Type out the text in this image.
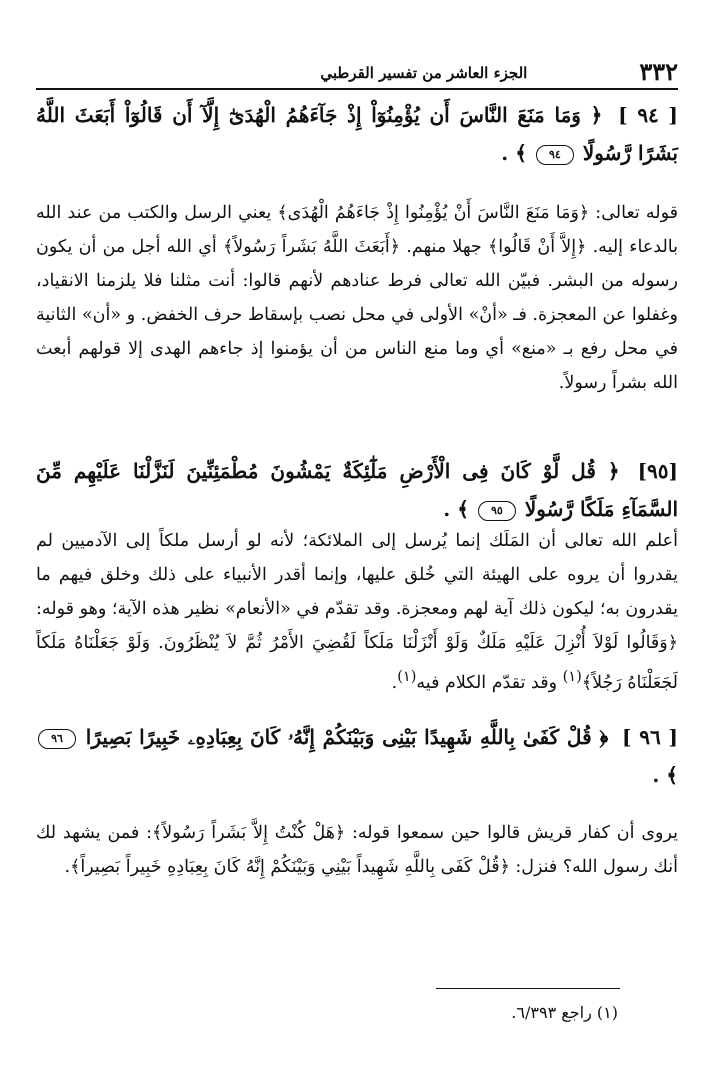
٣٣٢
الجزء العاشر من تفسير القرطبي
[ ٩٤ ] ﴿ وَمَا مَنَعَ النَّاسَ أَن يُؤْمِنُوٓاْ إِذْ جَآءَهُمُ الْهُدَىٰٓ إِلَّآ أَن قَالُوٓاْ أَبَعَثَ اللَّهُ بَشَرًا رَّسُولًا ٩٤ ﴾ .
قوله تعالى: ﴿وَمَا مَنَعَ النَّاسَ أَنْ يُؤْمِنُوا إِذْ جَاءَهُمُ الْهُدَى﴾ يعني الرسل والكتب من عند الله بالدعاء إليه. ﴿إِلاَّ أَنْ قَالُوا﴾ جهلا منهم. ﴿أَبَعَثَ اللَّهُ بَشَراً رَسُولاً﴾ أي الله أجل من أن يكون رسوله من البشر. فبيّن الله تعالى فرط عنادهم لأنهم قالوا: أنت مثلنا فلا يلزمنا الانقياد، وغفلوا عن المعجزة. فـ «أنْ» الأولى في محل نصب بإسقاط حرف الخفض. و «أن» الثانية في محل رفع بـ «منع» أي وما منع الناس من أن يؤمنوا إذ جاءهم الهدى إلا قولهم أبعث الله بشراً رسولاً.
[٩٥] ﴿ قُل لَّوْ كَانَ فِى الْأَرْضِ مَلَٰٓئِكَةٌ يَمْشُونَ مُطْمَئِنِّينَ لَنَزَّلْنَا عَلَيْهِم مِّنَ السَّمَآءِ مَلَكًا رَّسُولًا ٩٥ ﴾ .
أعلم الله تعالى أن المَلَك إنما يُرسل إلى الملائكة؛ لأنه لو أرسل ملكاً إلى الآدميين لم يقدروا أن يروه على الهيئة التي خُلق عليها، وإنما أقدر الأنبياء على ذلك وخلق فيهم ما يقدرون به؛ ليكون ذلك آية لهم ومعجزة. وقد تقدّم في «الأنعام» نظير هذه الآية؛ وهو قوله: ﴿وَقَالُوا لَوْلاَ أُنْزِلَ عَلَيْهِ مَلَكٌ وَلَوْ أَنْزَلْنَا مَلَكاً لَقُضِيَ الأَمْرُ ثُمَّ لاَ يُنْظَرُونَ. وَلَوْ جَعَلْنَاهُ مَلَكاً لَجَعَلْنَاهُ رَجُلاً﴾$^{(١)}$ وقد تقدّم الكلام فيه$^{(١)}$.
[ ٩٦ ] ﴿ قُلْ كَفَىٰ بِاللَّهِ شَهِيدًا بَيْنِى وَبَيْنَكُمْ إِنَّهُۥ كَانَ بِعِبَادِهِۦ خَبِيرًا بَصِيرًا ٩٦ ﴾ .
يروى أن كفار قريش قالوا حين سمعوا قوله: ﴿هَلْ كُنْتُ إِلاَّ بَشَراً رَسُولاً﴾: فمن يشهد لك أنك رسول الله؟ فنزل: ﴿قُلْ كَفَى بِاللَّهِ شَهِيداً بَيْنِي وَبَيْنَكُمْ إِنَّهُ كَانَ بِعِبَادِهِ خَبِيراً بَصِيراً﴾.
(١) راجع ٦/٣٩٣.
